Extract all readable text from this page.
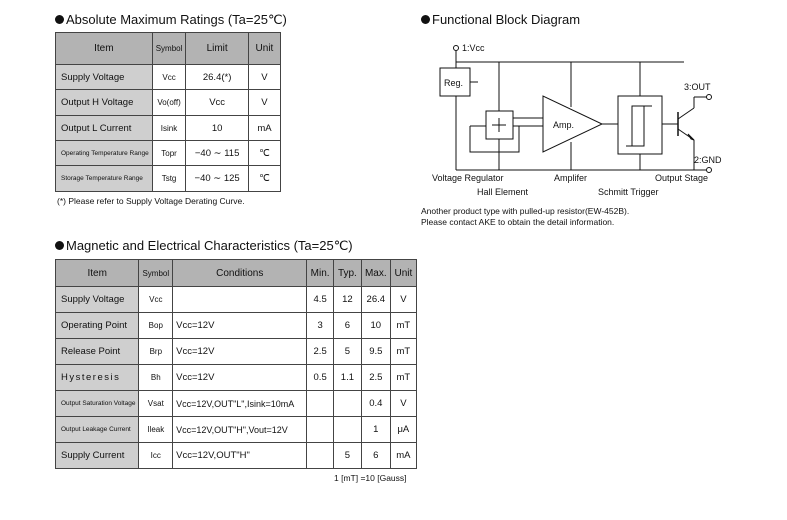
Absolute Maximum Ratings (Ta=25℃)
Item	Symbol	Limit	Unit
Supply Voltage	Vcc	26.4(*)	V
Output H Voltage	Vo(off)	Vcc	V
Output L Current	Isink	10	mA
Operating Temperature Range	Topr	−40 ∼ 115	℃
Storage Temperature Range	Tstg	−40 ∼ 125	℃
(*) Please refer to Supply Voltage Derating Curve.
Functional Block Diagram
1:Vcc
Reg.
Amp.
3:OUT
2:GND
Voltage Regulator	Amplifer	Output Stage
Hall Element	Schmitt Trigger
Another product type with pulled-up resistor(EW-452B).
Please contact AKE to obtain the detail information.
Magnetic and Electrical Characteristics (Ta=25℃)
Item	Symbol	Conditions	Min.	Typ.	Max.	Unit
Supply Voltage	Vcc		4.5	12	26.4	V
Operating Point	Bop	Vcc=12V	3	6	10	mT
Release Point	Brp	Vcc=12V	2.5	5	9.5	mT
Hysteresis	Bh	Vcc=12V	0.5	1.1	2.5	mT
Output Saturation Voltage	Vsat	Vcc=12V,OUT"L",Isink=10mA			0.4	V
Output Leakage Current	Ileak	Vcc=12V,OUT"H",Vout=12V			1	μA
Supply Current	Icc	Vcc=12V,OUT"H"		5	6	mA
1 [mT] =10 [Gauss]
